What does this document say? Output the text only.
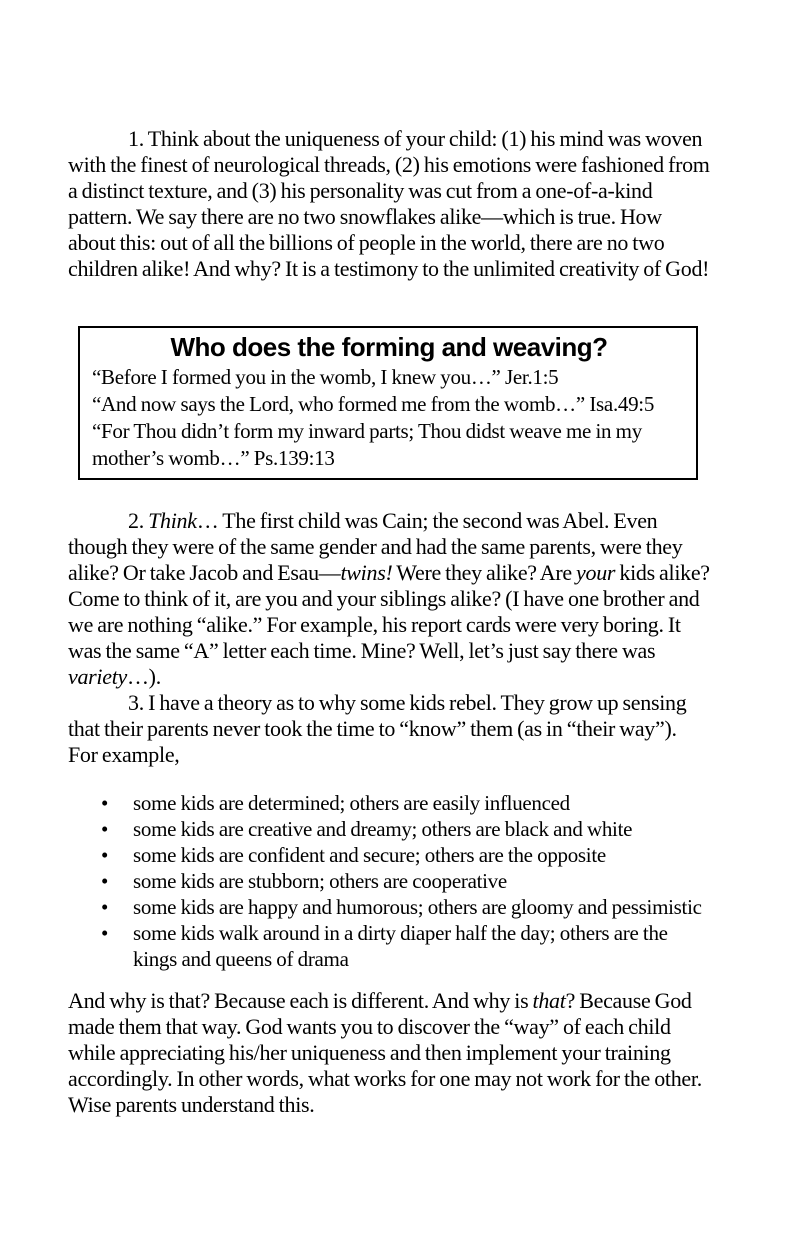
1. Think about the uniqueness of your child: (1) his mind was woven with the finest of neurological threads, (2) his emotions were fashioned from a distinct texture, and (3) his personality was cut from a one-of-a-kind pattern. We say there are no two snowflakes alike—which is true. How about this: out of all the billions of people in the world, there are no two children alike! And why? It is a testimony to the unlimited creativity of God!

Who does the forming and weaving?

“Before I formed you in the womb, I knew you…” Jer.1:5

“And now says the Lord, who formed me from the womb…” Isa.49:5

“For Thou didn’t form my inward parts; Thou didst weave me in my mother’s womb…” Ps.139:13

2. Think… The first child was Cain; the second was Abel. Even though they were of the same gender and had the same parents, were they alike? Or take Jacob and Esau—twins! Were they alike? Are your kids alike? Come to think of it, are you and your siblings alike? (I have one brother and we are nothing “alike.” For example, his report cards were very boring. It was the same “A” letter each time. Mine? Well, let’s just say there was variety…).

3. I have a theory as to why some kids rebel. They grow up sensing that their parents never took the time to “know” them (as in “their way”). For example,

• some kids are determined; others are easily influenced
• some kids are creative and dreamy; others are black and white
• some kids are confident and secure; others are the opposite
• some kids are stubborn; others are cooperative
• some kids are happy and humorous; others are gloomy and pessimistic
• some kids walk around in a dirty diaper half the day; others are the kings and queens of drama

And why is that? Because each is different. And why is that? Because God made them that way. God wants you to discover the “way” of each child while appreciating his/her uniqueness and then implement your training accordingly. In other words, what works for one may not work for the other. Wise parents understand this.
